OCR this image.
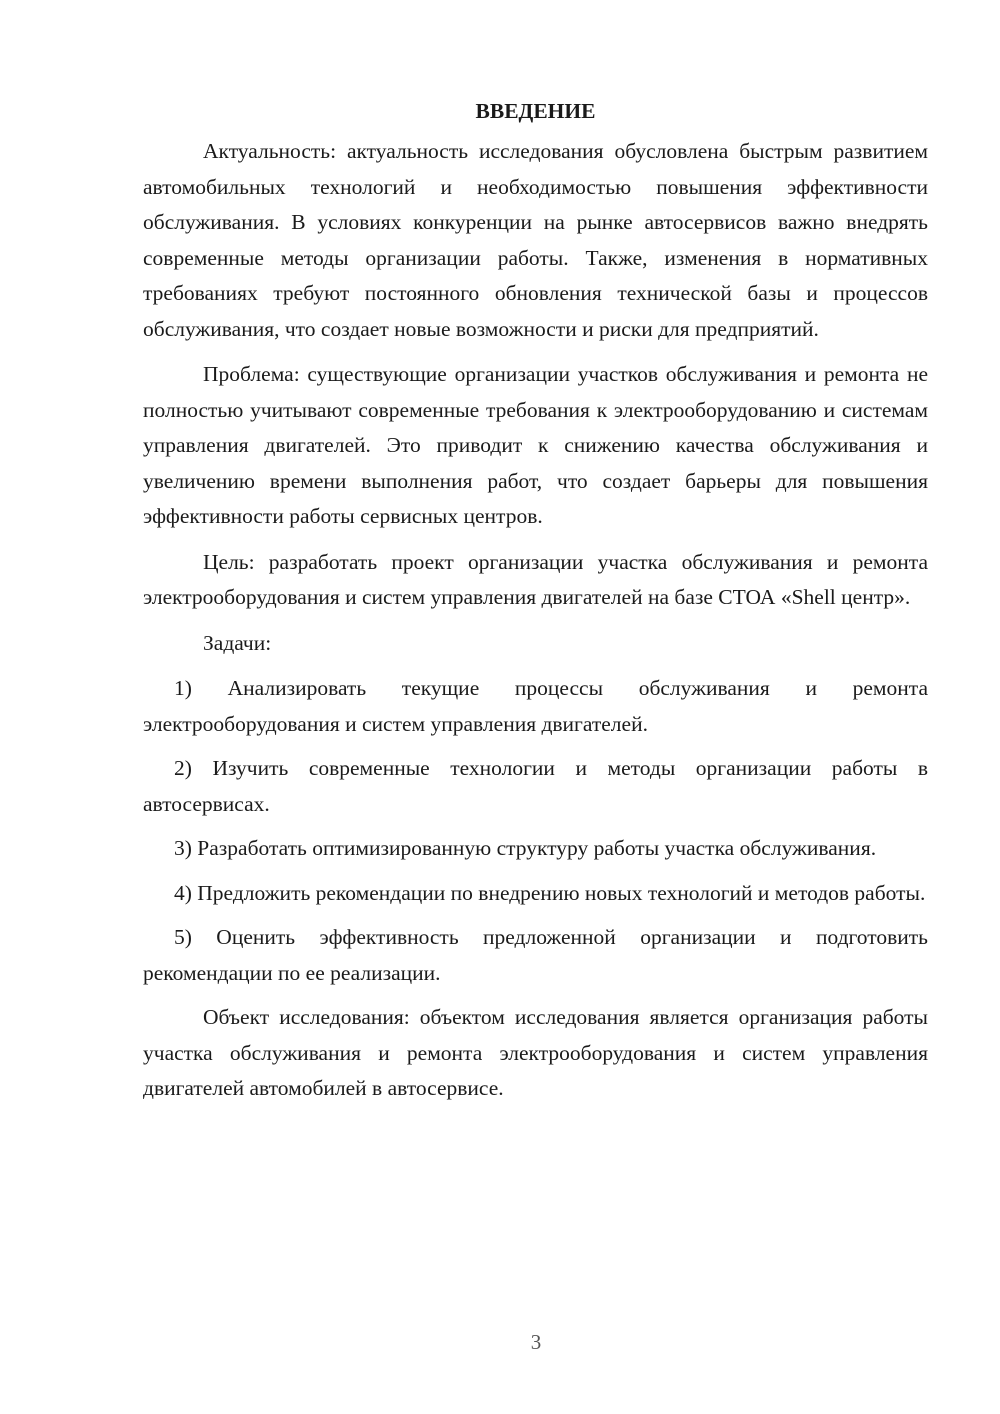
ВВЕДЕНИЕ

Актуальность: актуальность исследования обусловлена быстрым развитием автомобильных технологий и необходимостью повышения эффективности обслуживания. В условиях конкуренции на рынке автосервисов важно внедрять современные методы организации работы. Также, изменения в нормативных требованиях требуют постоянного обновления технической базы и процессов обслуживания, что создает новые возможности и риски для предприятий.

Проблема: существующие организации участков обслуживания и ремонта не полностью учитывают современные требования к электрооборудованию и системам управления двигателей. Это приводит к снижению качества обслуживания и увеличению времени выполнения работ, что создает барьеры для повышения эффективности работы сервисных центров.

Цель: разработать проект организации участка обслуживания и ремонта электрооборудования и систем управления двигателей на базе СТОА «Shell центр».

Задачи:

1) Анализировать текущие процессы обслуживания и ремонта электрооборудования и систем управления двигателей.

2) Изучить современные технологии и методы организации работы в автосервисах.

3) Разработать оптимизированную структуру работы участка обслуживания.

4) Предложить рекомендации по внедрению новых технологий и методов работы.

5) Оценить эффективность предложенной организации и подготовить рекомендации по ее реализации.

Объект исследования: объектом исследования является организация работы участка обслуживания и ремонта электрооборудования и систем управления двигателей автомобилей в автосервисе.

3
